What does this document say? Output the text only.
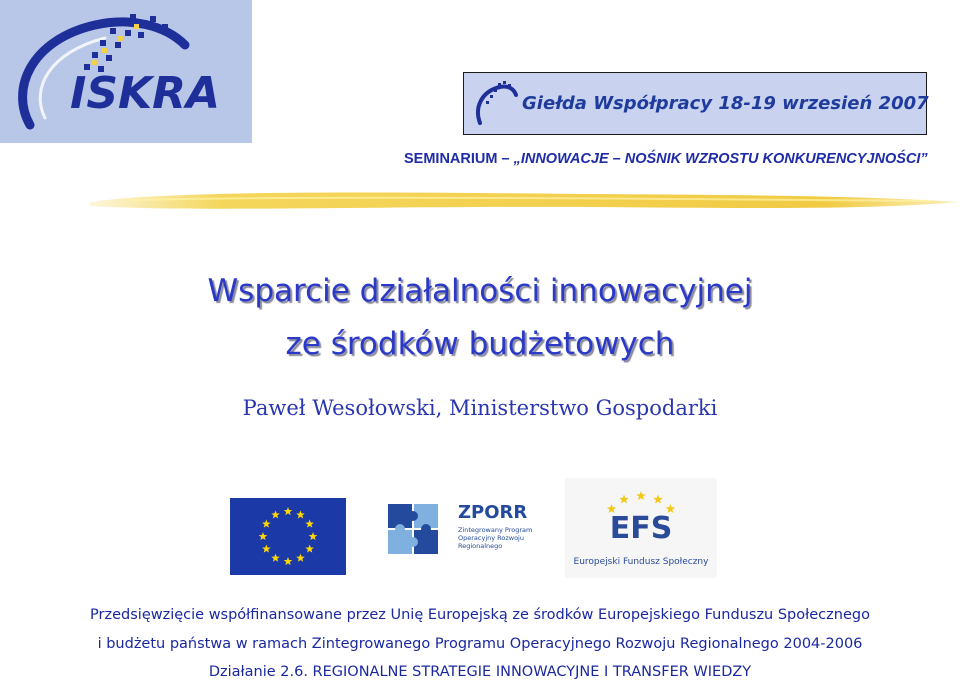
ISKRA	Giełda Współpracy 18-19 wrzesień 2007
SEMINARIUM – „INNOWACJE – NOŚNIK WZROSTU KONKURENCYJNOŚCI”
Wsparcie działalności innowacyjnej
ze środków budżetowych
Paweł Wesołowski, Ministerstwo Gospodarki
ZPORR
Zintegrowany Program Operacyjny Rozwoju Regionalnego	EFS
Europejski Fundusz Społeczny
Przedsięwzięcie współfinansowane przez Unię Europejską ze środków Europejskiego Funduszu Społecznego
i budżetu państwa w ramach Zintegrowanego Programu Operacyjnego Rozwoju Regionalnego 2004-2006
Działanie 2.6. REGIONALNE STRATEGIE INNOWACYJNE I TRANSFER WIEDZY
